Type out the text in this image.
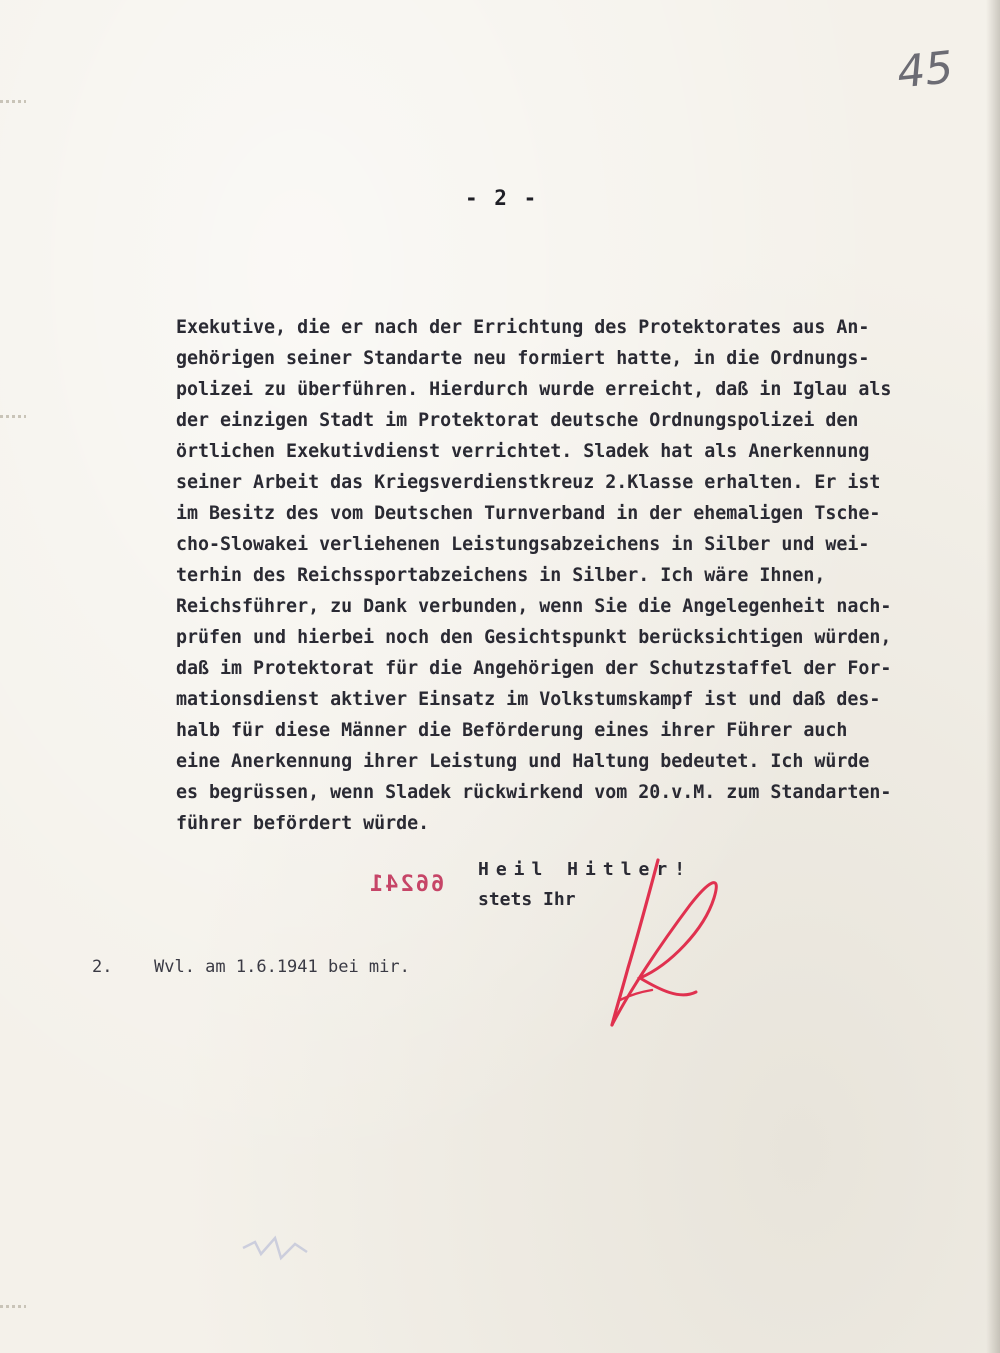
45
- 2 -
Exekutive, die er nach der Errichtung des Protektorates aus An-
gehörigen seiner Standarte neu formiert hatte, in die Ordnungs-
polizei zu überführen. Hierdurch wurde erreicht, daß in Iglau als
der einzigen Stadt im Protektorat deutsche Ordnungspolizei den
örtlichen Exekutivdienst verrichtet. Sladek hat als Anerkennung
seiner Arbeit das Kriegsverdienstkreuz 2.Klasse erhalten. Er ist
im Besitz des vom Deutschen Turnverband in der ehemaligen Tsche-
cho-Slowakei verliehenen Leistungsabzeichens in Silber und wei-
terhin des Reichssportabzeichens in Silber. Ich wäre Ihnen,
Reichsführer, zu Dank verbunden, wenn Sie die Angelegenheit nach-
prüfen und hierbei noch den Gesichtspunkt berücksichtigen würden,
daß im Protektorat für die Angehörigen der Schutzstaffel der For-
mationsdienst aktiver Einsatz im Volkstumskampf ist und daß des-
halb für diese Männer die Beförderung eines ihrer Führer auch
eine Anerkennung ihrer Leistung und Haltung bedeutet. Ich würde
es begrüssen, wenn Sladek rückwirkend vom 20.v.M. zum Standarten-
führer befördert würde.
66241
Heil Hitler!
stets Ihr
2. Wvl. am 1.6.1941 bei mir.
